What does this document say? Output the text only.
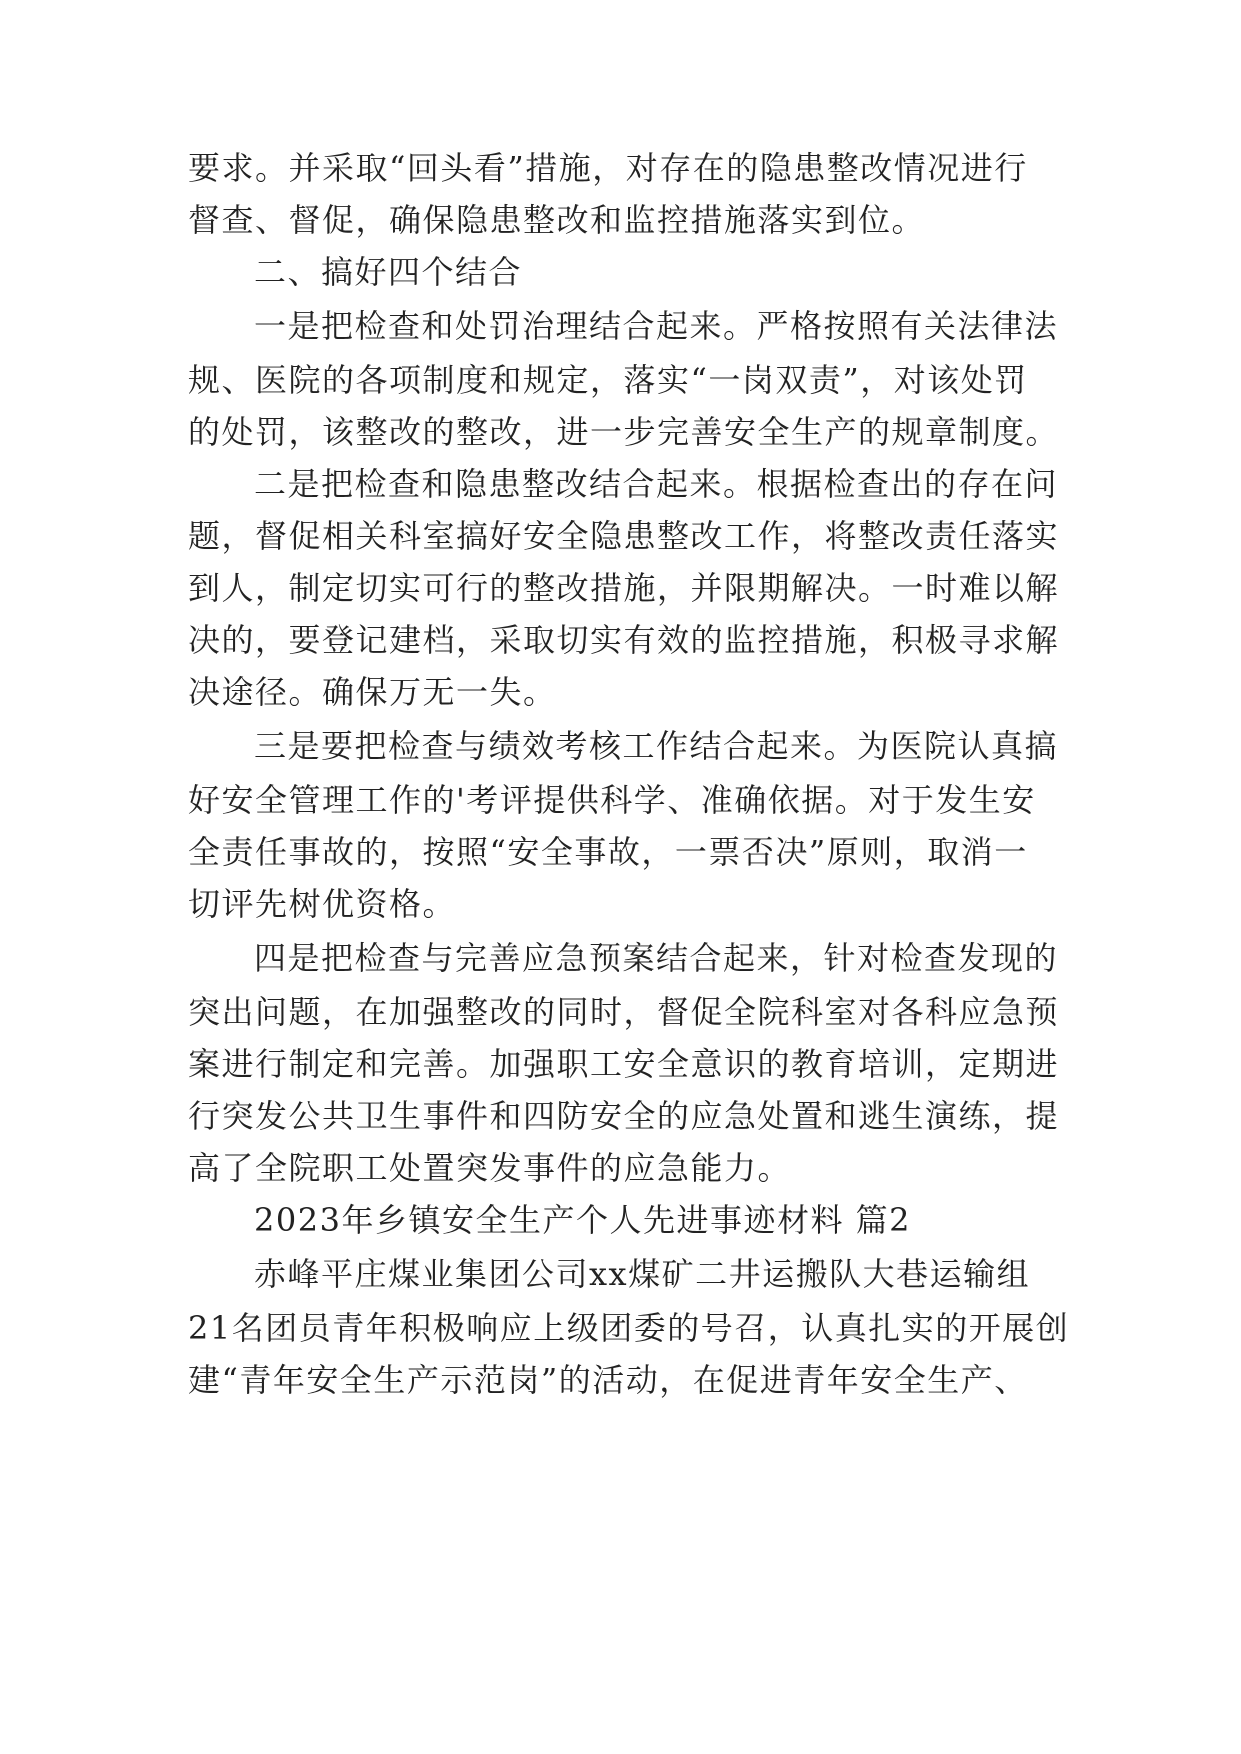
要求。并采取“回头看”措施，对存在的隐患整改情况进行
督查、督促，确保隐患整改和监控措施落实到位。
二、搞好四个结合
一是把检查和处罚治理结合起来。严格按照有关法律法
规、医院的各项制度和规定，落实“一岗双责”，对该处罚
的处罚，该整改的整改，进一步完善安全生产的规章制度。
二是把检查和隐患整改结合起来。根据检查出的存在问
题，督促相关科室搞好安全隐患整改工作，将整改责任落实
到人，制定切实可行的整改措施，并限期解决。一时难以解
决的，要登记建档，采取切实有效的监控措施，积极寻求解
决途径。确保万无一失。
三是要把检查与绩效考核工作结合起来。为医院认真搞
好安全管理工作的'考评提供科学、准确依据。对于发生安
全责任事故的，按照“安全事故，一票否决”原则，取消一
切评先树优资格。
四是把检查与完善应急预案结合起来，针对检查发现的
突出问题，在加强整改的同时，督促全院科室对各科应急预
案进行制定和完善。加强职工安全意识的教育培训，定期进
行突发公共卫生事件和四防安全的应急处置和逃生演练，提
高了全院职工处置突发事件的应急能力。
2023年乡镇安全生产个人先进事迹材料 篇2
赤峰平庄煤业集团公司xx煤矿二井运搬队大巷运输组
21名团员青年积极响应上级团委的号召，认真扎实的开展创
建“青年安全生产示范岗”的活动，在促进青年安全生产、
